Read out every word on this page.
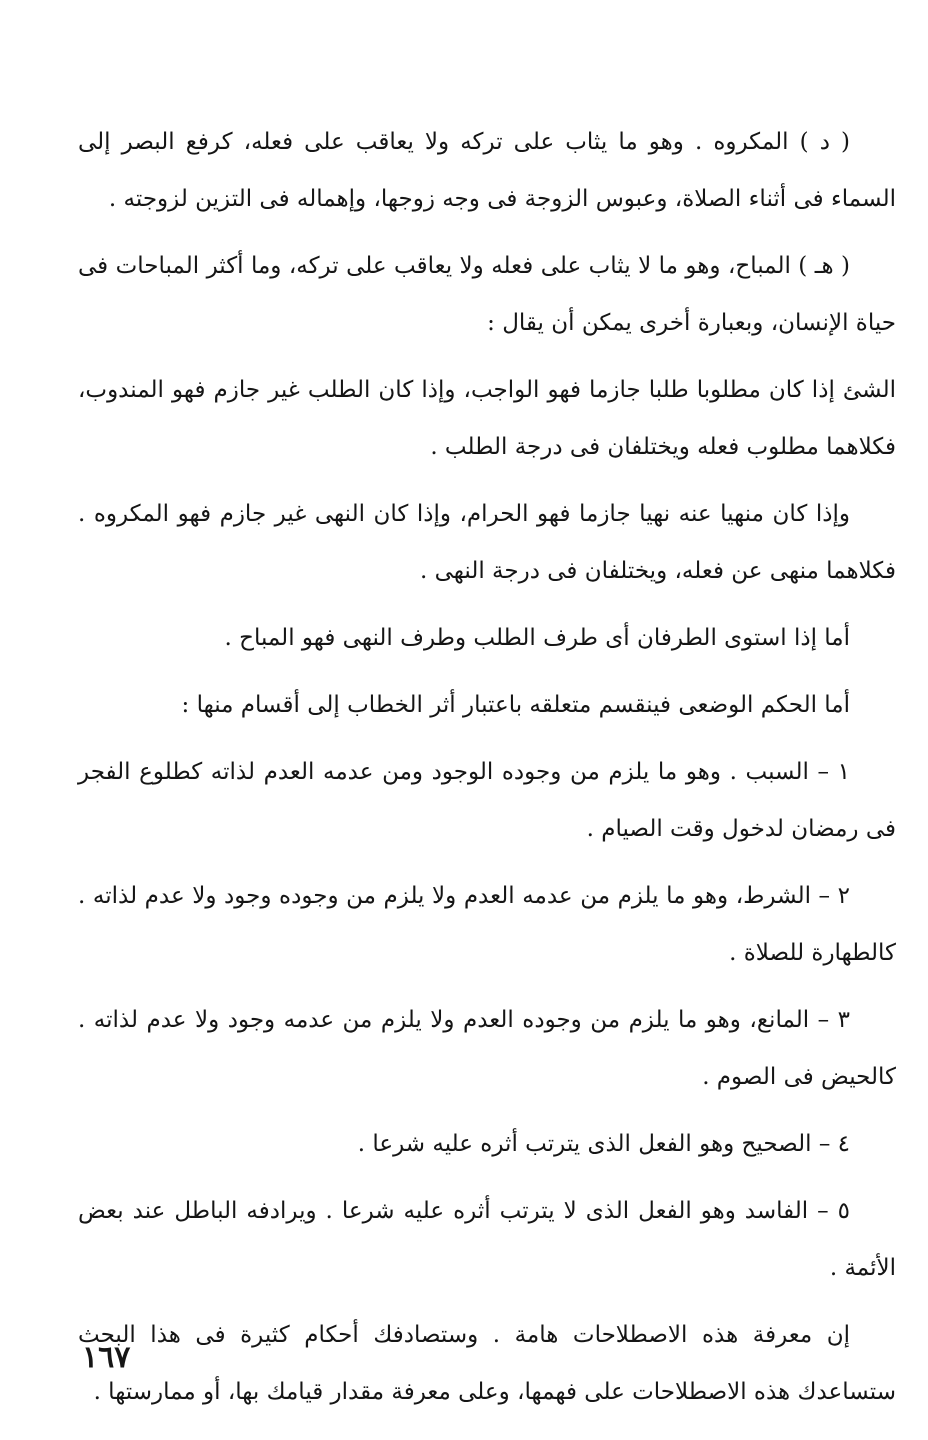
( د ) المكروه . وهو ما يثاب على تركه ولا يعاقب على فعله، كرفع البصر إلى السماء فى أثناء الصلاة، وعبوس الزوجة فى وجه زوجها، وإهماله فى التزين لزوجته .

( هـ ) المباح، وهو ما لا يثاب على فعله ولا يعاقب على تركه، وما أكثر المباحات فى حياة الإنسان، وبعبارة أخرى يمكن أن يقال :

الشئ إذا كان مطلوبا طلبا جازما فهو الواجب، وإذا كان الطلب غير جازم فهو المندوب، فكلاهما مطلوب فعله ويختلفان فى درجة الطلب .

وإذا كان منهيا عنه نهيا جازما فهو الحرام، وإذا كان النهى غير جازم فهو المكروه . فكلاهما منهى عن فعله، ويختلفان فى درجة النهى .

أما إذا استوى الطرفان أى طرف الطلب وطرف النهى فهو المباح .

أما الحكم الوضعى فينقسم متعلقه باعتبار أثر الخطاب إلى أقسام منها :

١ – السبب . وهو ما يلزم من وجوده الوجود ومن عدمه العدم لذاته كطلوع الفجر فى رمضان لدخول وقت الصيام .

٢ – الشرط، وهو ما يلزم من عدمه العدم ولا يلزم من وجوده وجود ولا عدم لذاته . كالطهارة للصلاة .

٣ – المانع، وهو ما يلزم من وجوده العدم ولا يلزم من عدمه وجود ولا عدم لذاته . كالحيض فى الصوم .

٤ – الصحيح وهو الفعل الذى يترتب أثره عليه شرعا .

٥ – الفاسد وهو الفعل الذى لا يترتب أثره عليه شرعا . ويرادفه الباطل عند بعض الأئمة .

إن معرفة هذه الاصطلاحات هامة . وستصادفك أحكام كثيرة فى هذا البحث ستساعدك هذه الاصطلاحات على فهمها، وعلى معرفة مقدار قيامك بها، أو ممارستها .

١٦٧
